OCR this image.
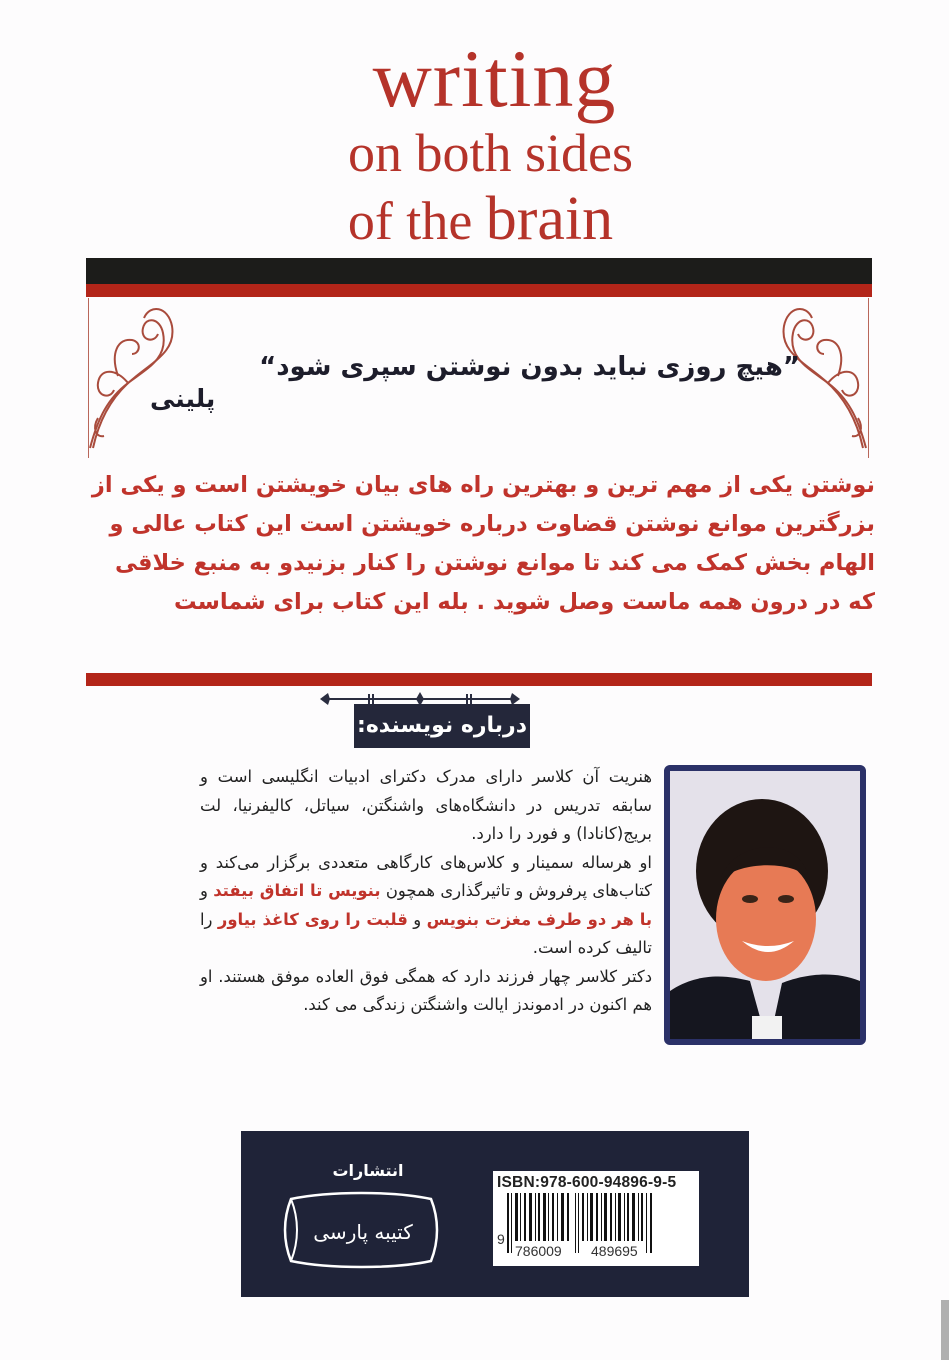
writing
on both sides
of the brain
”هیچ روزی نباید بدون نوشتن سپری شود“
پلینی
نوشتن یکی از مهم ترین و بهترین راه های بیان خویشتن است و یکی از
بزرگترین موانع نوشتن قضاوت درباره خویشتن است این کتاب عالی و
الهام بخش کمک می کند تا موانع نوشتن را کنار بزنیدو به منبع خلاقی
که در درون همه ماست وصل شوید . بله این کتاب برای شماست
درباره نویسنده:

هنریت آن کلاسر دارای مدرک دکترای ادبیات انگلیسی است و سابقه تدریس در دانشگاه‌های واشنگتن، سیاتل، کالیفرنیا، لت بریج(کانادا) و فورد را دارد.

او هرساله سمینار و کلاس‌های کارگاهی متعددی برگزار می‌کند و کتاب‌های پرفروش و تاثیرگذاری همچون بنویس تا اتفاق بیفتد و با هر دو طرف مغزت بنویس و قلبت را روی کاغذ بیاور را تالیف کرده است.

دکتر کلاسر چهار فرزند دارد که همگی فوق العاده موفق هستند. او هم اکنون در ادموندز ایالت واشنگتن زندگی می کند.

انتشارات
کتیبه پارسی
ISBN:978-600-94896-9-5
9
786009 489695
